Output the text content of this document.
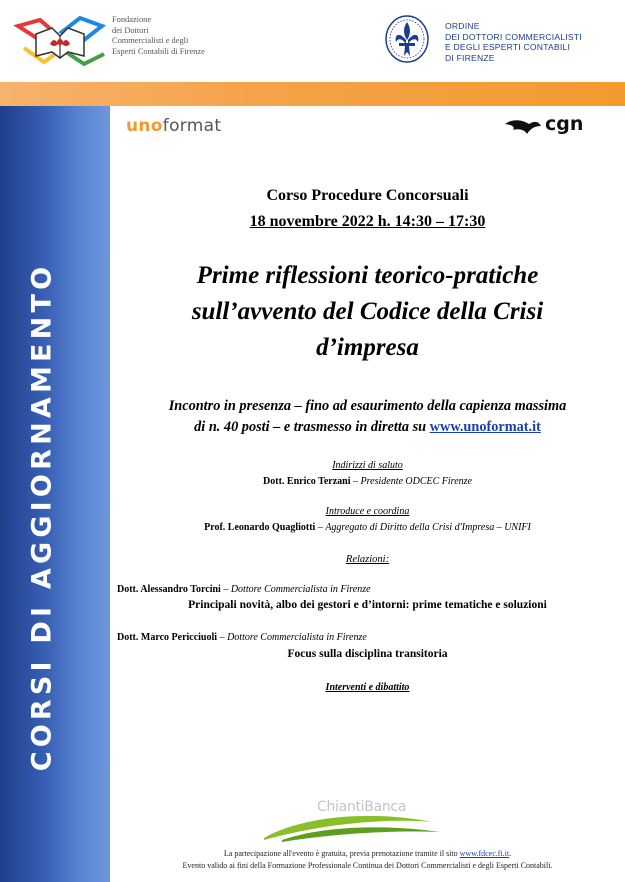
Fondazione
dei Dottori
Commercialisti e degli
Esperti Contabili di Firenze
ORDINE
DEI DOTTORI COMMERCIALISTI
E DEGLI ESPERTI CONTABILI
DI FIRENZE
CORSI DI AGGIORNAMENTO
unoformat	cgn
Corso Procedure Concorsuali
18 novembre 2022 h. 14:30 – 17:30
Prime riflessioni teorico-pratiche
sull’avvento del Codice della Crisi
d’impresa
Incontro in presenza – fino ad esaurimento della capienza massima
di n. 40 posti – e trasmesso in diretta su www.unoformat.it
Indirizzi di saluto
Dott. Enrico Terzani – Presidente ODCEC Firenze
Introduce e coordina
Prof. Leonardo Quagliotti – Aggregato di Diritto della Crisi d'Impresa – UNIFI
Relazioni:
Dott. Alessandro Torcini – Dottore Commercialista in Firenze
Principali novità, albo dei gestori e d’intorni: prime tematiche e soluzioni
Dott. Marco Pericciuoli – Dottore Commercialista in Firenze
Focus sulla disciplina transitoria
Interventi e dibattito
ChiantiBanca
La partecipazione all'evento è gratuita, previa prenotazione tramite il sito www.fdcec.fi.it.
Evento valido ai fini della Formazione Professionale Continua dei Dottori Commercialisti e degli Esperti Contabili.
